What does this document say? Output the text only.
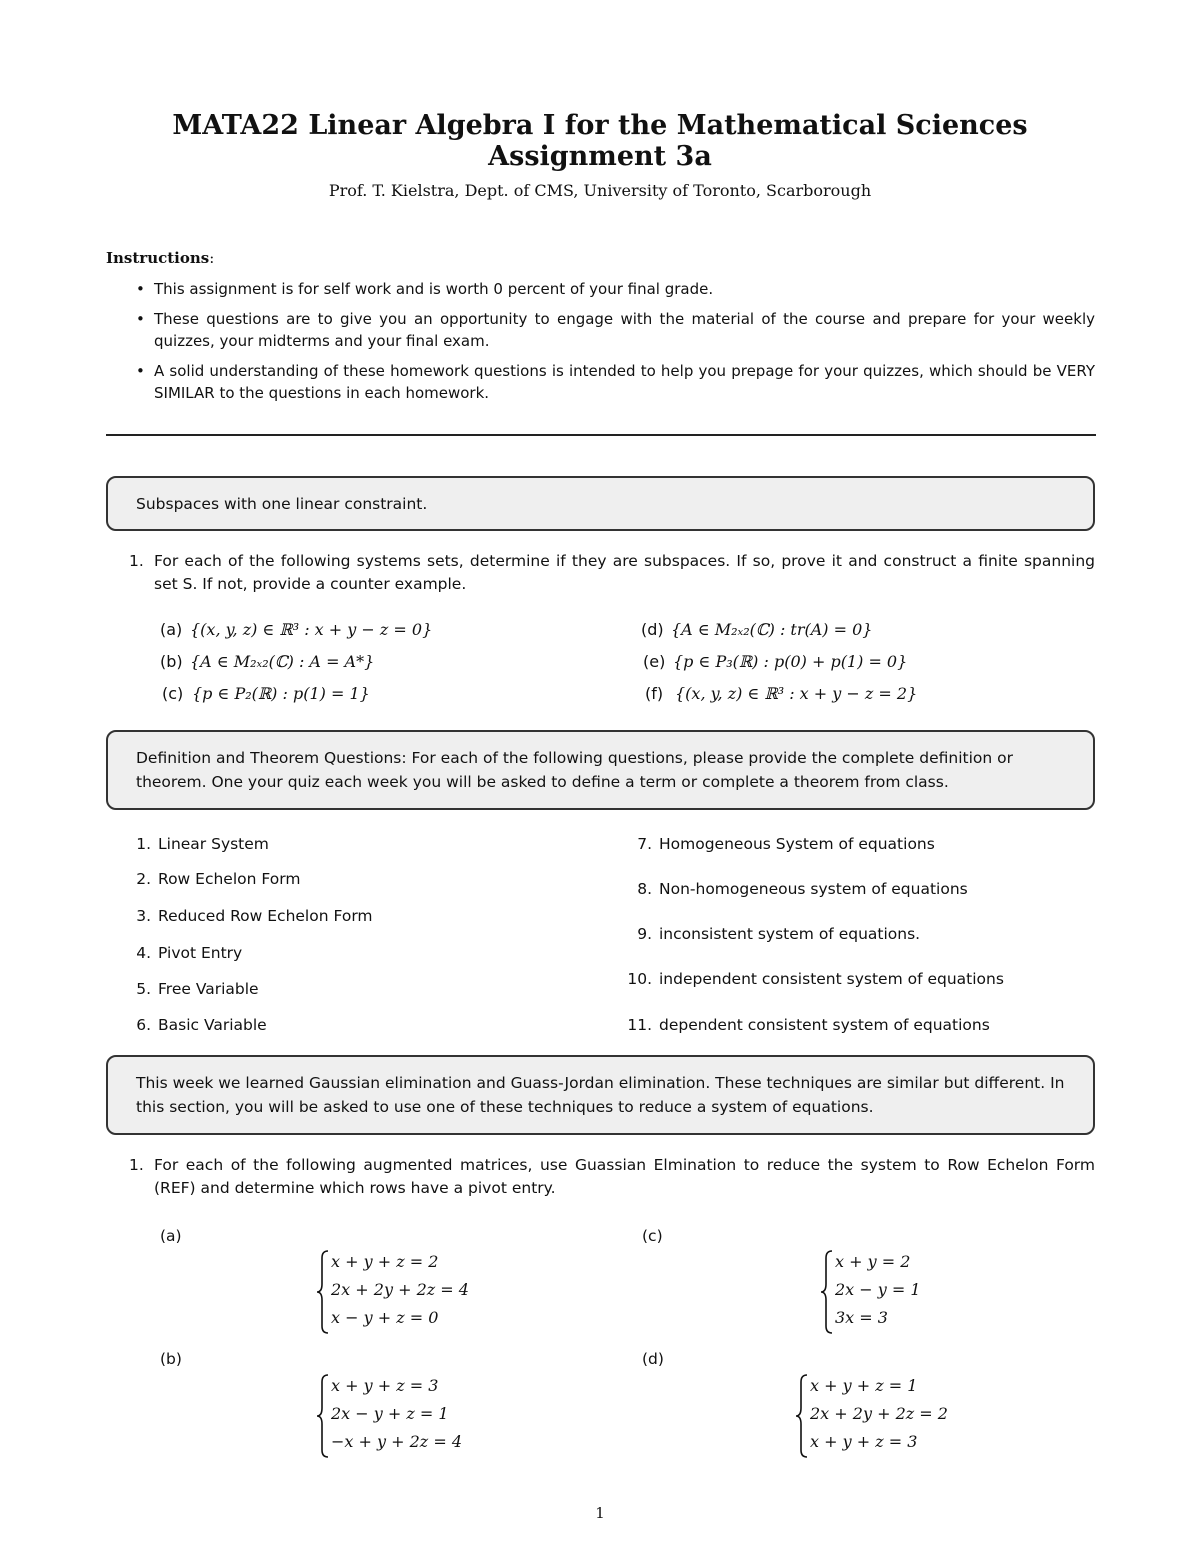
MATA22 Linear Algebra I for the Mathematical Sciences
Assignment 3a
Prof. T. Kielstra, Dept. of CMS, University of Toronto, Scarborough
Instructions:
• This assignment is for self work and is worth 0 percent of your final grade.
• These questions are to give you an opportunity to engage with the material of the course and prepare for your weekly quizzes, your midterms and your final exam.
• A solid understanding of these homework questions is intended to help you prepage for your quizzes, which should be VERY SIMILAR to the questions in each homework.
Subspaces with one linear constraint.
1. For each of the following systems sets, determine if they are subspaces. If so, prove it and construct a finite spanning set S. If not, provide a counter example.
(a) {(x, y, z) ∈ ℝ³ : x + y − z = 0}
(b) {A ∈ M₂ₓ₂(ℂ) : A = A*}
(c) {p ∈ P₂(ℝ) : p(1) = 1}
(d) {A ∈ M₂ₓ₂(ℂ) : tr(A) = 0}
(e) {p ∈ P₃(ℝ) : p(0) + p(1) = 0}
(f) {(x, y, z) ∈ ℝ³ : x + y − z = 2}
Definition and Theorem Questions: For each of the following questions, please provide the complete definition or theorem. One your quiz each week you will be asked to define a term or complete a theorem from class.
1. Linear System
2. Row Echelon Form
3. Reduced Row Echelon Form
4. Pivot Entry
5. Free Variable
6. Basic Variable
7. Homogeneous System of equations
8. Non-homogeneous system of equations
9. inconsistent system of equations.
10. independent consistent system of equations
11. dependent consistent system of equations
This week we learned Gaussian elimination and Guass-Jordan elimination. These techniques are similar but different. In this section, you will be asked to use one of these techniques to reduce a system of equations.
1. For each of the following augmented matrices, use Guassian Elmination to reduce the system to Row Echelon Form (REF) and determine which rows have a pivot entry.
(a)
x + y + z = 2
2x + 2y + 2z = 4
x − y + z = 0
(b)
x + y + z = 3
2x − y + z = 1
−x + y + 2z = 4
(c)
x + y = 2
2x − y = 1
3x = 3
(d)
x + y + z = 1
2x + 2y + 2z = 2
x + y + z = 3
1
